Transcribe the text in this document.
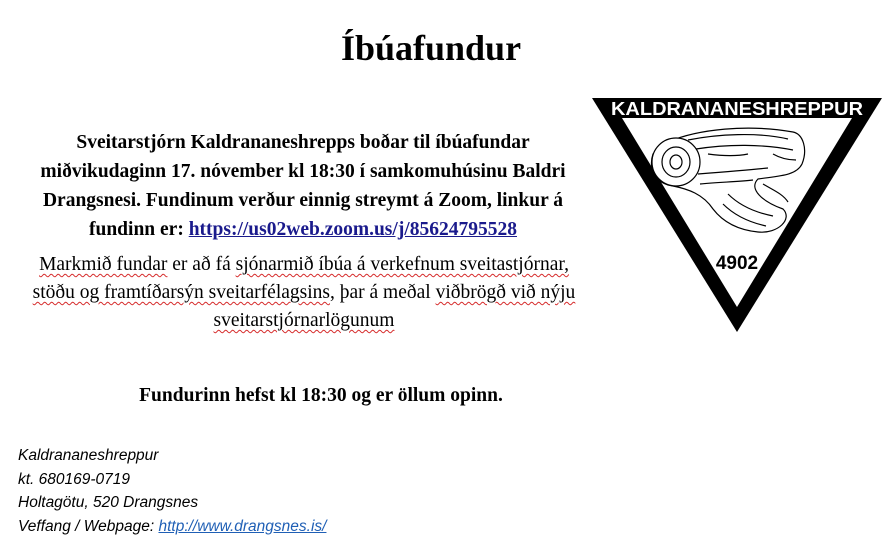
Íbúafundur
Sveitarstjórn Kaldrananeshrepps boðar til íbúafundar miðvikudaginn 17. nóvember kl 18:30 í samkomuhúsinu Baldri Drangsnesi. Fundinum verður einnig streymt á Zoom, linkur á fundinn er: https://us02web.zoom.us/j/85624795528
Markmið fundar er að fá sjónarmið íbúa á verkefnum sveitastjórnar, stöðu og framtíðarsýn sveitarfélagsins, þar á meðal viðbrögð við nýju sveitarstjórnarlögunum
Fundurinn hefst kl 18:30 og er öllum opinn.
Kaldrananeshreppur
kt. 680169-0719
Holtagötu, 520 Drangsnes
Veffang / Webpage: http://www.drangsnes.is/
KALDRANANESHREPPUR
4902
